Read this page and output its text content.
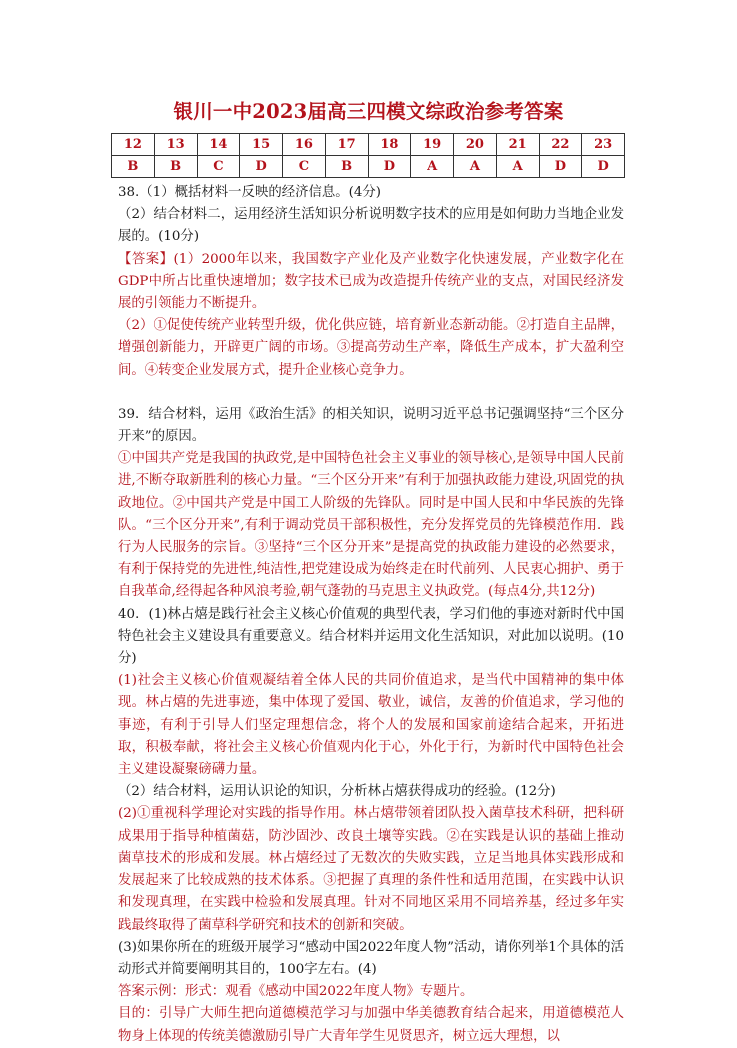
银川一中2023届高三四模文综政治参考答案
12	13	14	15	16	17	18	19	20	21	22	23
B	B	C	D	C	B	D	A	A	A	D	D

38.（1）概括材料一反映的经济信息。(4分)

（2）结合材料二，运用经济生活知识分析说明数字技术的应用是如何助力当地企业发展的。(10分)

【答案】(1）2000年以来，我国数字产业化及产业数字化快速发展，产业数字化在GDP中所占比重快速增加；数字技术已成为改造提升传统产业的支点，对国民经济发展的引领能力不断提升。

（2）①促使传统产业转型升级，优化供应链，培育新业态新动能。②打造自主品牌，增强创新能力，开辟更广阔的市场。③提高劳动生产率，降低生产成本，扩大盈利空间。④转变企业发展方式，提升企业核心竞争力。

39．结合材料，运用《政治生活》的相关知识，说明习近平总书记强调坚持“三个区分开来”的原因。

①中国共产党是我国的执政党,是中国特色社会主义事业的领导核心,是领导中国人民前进,不断夺取新胜利的核心力量。“三个区分开来”有利于加强执政能力建设,巩固党的执政地位。②中国共产党是中国工人阶级的先锋队。同时是中国人民和中华民族的先锋队。“三个区分开来”,有利于调动党员干部积极性，充分发挥党员的先锋模范作用．践行为人民服务的宗旨。③坚持“三个区分开来”是提高党的执政能力建设的必然要求，有利于保持党的先进性,纯洁性,把党建设成为始终走在时代前列、人民衷心拥护、勇于自我革命,经得起各种风浪考验,朝气蓬勃的马克思主义执政党。(每点4分,共12分)

40．(1)林占熺是践行社会主义核心价值观的典型代表，学习们他的事迹对新时代中国特色社会主义建设具有重要意义。结合材料并运用文化生活知识，对此加以说明。(10分)

(1)社会主义核心价值观凝结着全体人民的共同价值追求，是当代中国精神的集中体现。林占熺的先进事迹，集中体现了爱国、敬业，诚信，友善的价值追求，学习他的事迹，有利于引导人们坚定理想信念，将个人的发展和国家前途结合起来，开拓进取，积极奉献，将社会主义核心价值观内化于心，外化于行，为新时代中国特色社会主义建设凝聚磅礴力量。

（2）结合材料，运用认识论的知识，分析林占熺获得成功的经验。(12分)

(2)①重视科学理论对实践的指导作用。林占熺带领着团队投入菌草技术科研，把科研成果用于指导种植菌菇，防沙固沙、改良土壤等实践。②在实践是认识的基础上推动菌草技术的形成和发展。林占熺经过了无数次的失败实践，立足当地具体实践形成和发展起来了比较成熟的技术体系。③把握了真理的条件性和适用范围，在实践中认识和发现真理，在实践中检验和发展真理。针对不同地区采用不同培养基，经过多年实践最终取得了菌草科学研究和技术的创新和突破。

(3)如果你所在的班级开展学习“感动中国2022年度人物”活动，请你列举1个具体的活动形式并简要阐明其目的，100字左右。(4)

答案示例：形式：观看《感动中国2022年度人物》专题片。

目的：引导广大师生把向道德模范学习与加强中华美德教育结合起来，用道德模范人物身上体现的传统美德激励引导广大青年学生见贤思齐，树立远大理想，以
